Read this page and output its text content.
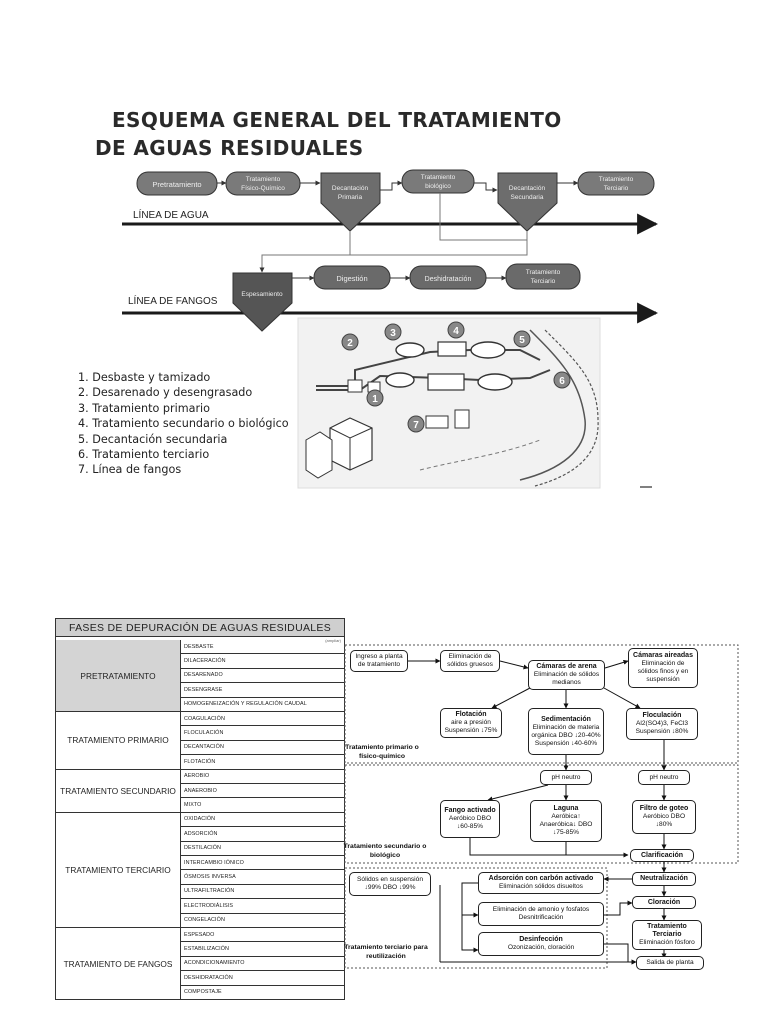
ESQUEMA GENERAL DEL TRATAMIENTO
DE AGUAS RESIDUALES
LÍNEA DE AGUA
LÍNEA DE FANGOS
Pretratamiento
Tratamiento
Físico-Químico	Decantación
Primaria
Tratamiento
biológico	Decantación
Secundaria
Tratamiento
Terciario
Espesamiento
Digestión	Deshidratación
Tratamiento
Terciario
1
2
3	4
5
6
7
1. Desbaste y tamizado
2. Desarenado y desengrasado
3. Tratamiento primario
4. Tratamiento secundario o biológico
5. Decantación secundaria
6. Tratamiento terciario
7. Línea de fangos
FASES DE DEPURACIÓN DE AGUAS RESIDUALES
(ampliar)
PRETRATAMIENTO
DESBASTE
DILACERACIÓN
DESARENADO
DESENGRASE
HOMOGENEIZACIÓN Y REGULACIÓN CAUDAL
TRATAMIENTO PRIMARIO
COAGULACIÓN
FLOCULACIÓN
DECANTACIÓN
FLOTACIÓN
TRATAMIENTO SECUNDARIO
AEROBIO
ANAEROBIO
MIXTO
TRATAMIENTO TERCIARIO
OXIDACIÓN
ADSORCIÓN
DESTILACIÓN
INTERCAMBIO IÓNICO
ÓSMOSIS INVERSA
ULTRAFILTRACIÓN
ELECTRODIÁLISIS
CONGELACIÓN
TRATAMIENTO DE FANGOS
ESPESADO
ESTABILIZACIÓN
ACONDICIONAMIENTO
DESHIDRATACIÓN
COMPOSTAJE
Ingreso a planta de tratamiento
Eliminación de sólidos gruesos	Cámaras de arena
Eliminación de sólidos medianos
Cámaras aireadas
Eliminación de sólidos finos y en suspensión
Flotación
aire a presión Suspensión ↓75%
Sedimentación
Eliminación de materia orgánica DBO ↓20-40% Suspensión ↓40-60%
Floculación
Al2(SO4)3, FeCl3 Suspensión ↓80%
Tratamiento primario o físico-químico
pH neutro	pH neutro
Fango activado
Aeróbico DBO ↓60-85%
Laguna
Aeróbica↑ Anaeróbica↓ DBO ↓75-85%
Filtro de goteo
Aeróbico DBO ↓80%
Clarificación
Tratamiento secundario o biológico
Sólidos en suspensión ↓99% DBO ↓99%
Adsorción con carbón activado
Eliminación sólidos disueltos
Neutralización
Eliminación de amonio y fosfatos Desnitrificación
Cloración
Desinfección
Ozonización, cloración
Tratamiento Terciario
Eliminación fósforo
Salida de planta
Tratamiento terciario para reutilización
